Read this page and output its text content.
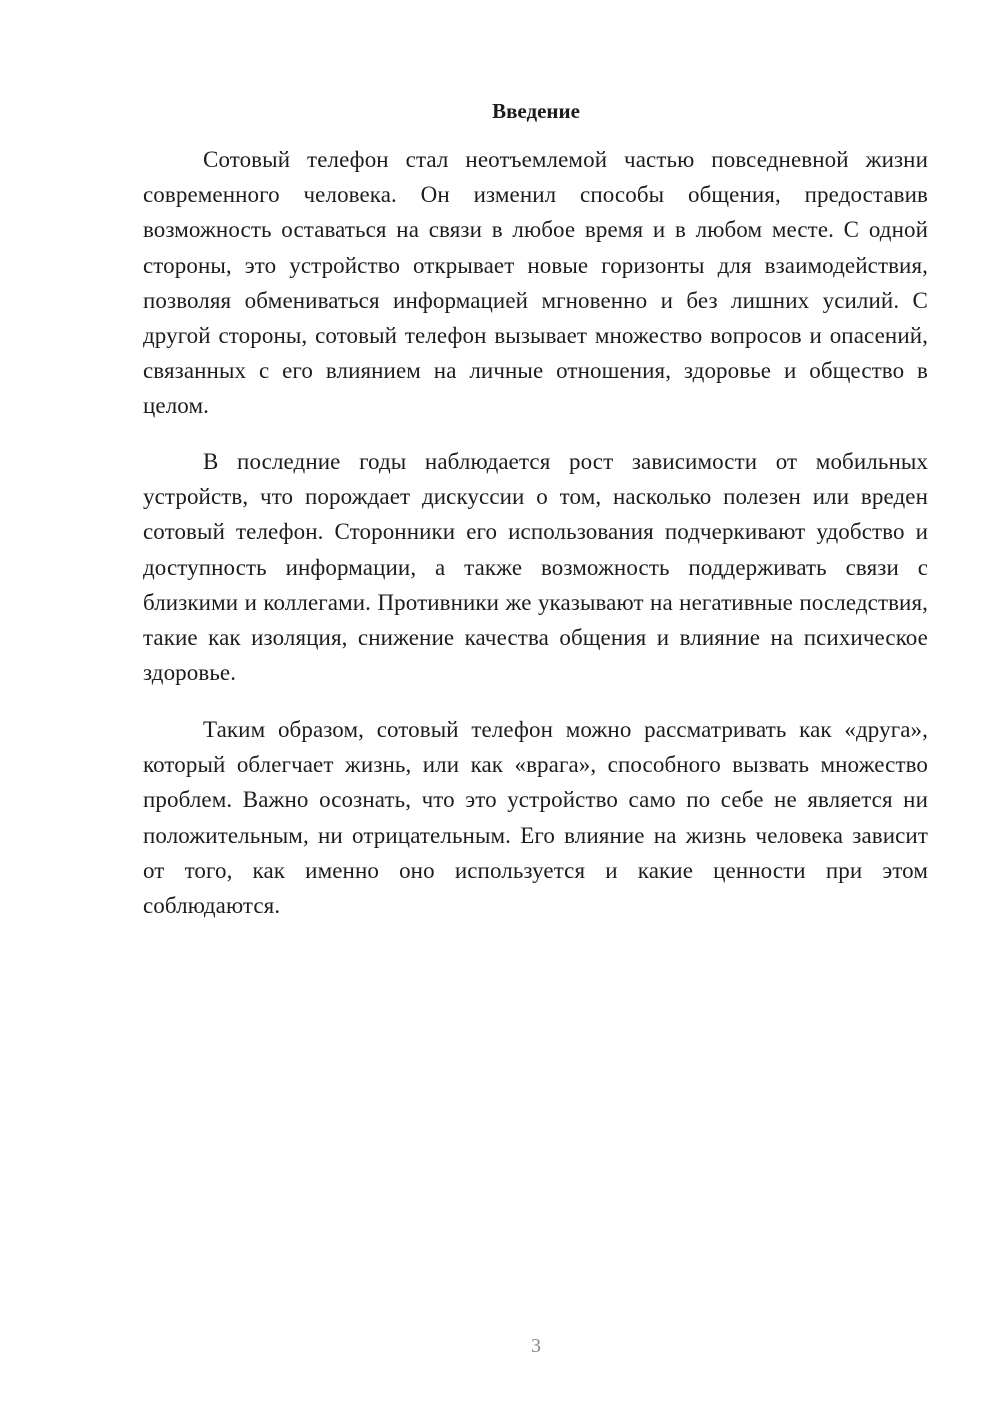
Введение

Сотовый телефон стал неотъемлемой частью повседневной жизни современного человека. Он изменил способы общения, предоставив возможность оставаться на связи в любое время и в любом месте. С одной стороны, это устройство открывает новые горизонты для взаимодействия, позволяя обмениваться информацией мгновенно и без лишних усилий. С другой стороны, сотовый телефон вызывает множество вопросов и опасений, связанных с его влиянием на личные отношения, здоровье и общество в целом.

В последние годы наблюдается рост зависимости от мобильных устройств, что порождает дискуссии о том, насколько полезен или вреден сотовый телефон. Сторонники его использования подчеркивают удобство и доступность информации, а также возможность поддерживать связи с близкими и коллегами. Противники же указывают на негативные последствия, такие как изоляция, снижение качества общения и влияние на психическое здоровье.

Таким образом, сотовый телефон можно рассматривать как «друга», который облегчает жизнь, или как «врага», способного вызвать множество проблем. Важно осознать, что это устройство само по себе не является ни положительным, ни отрицательным. Его влияние на жизнь человека зависит от того, как именно оно используется и какие ценности при этом соблюдаются.

3
